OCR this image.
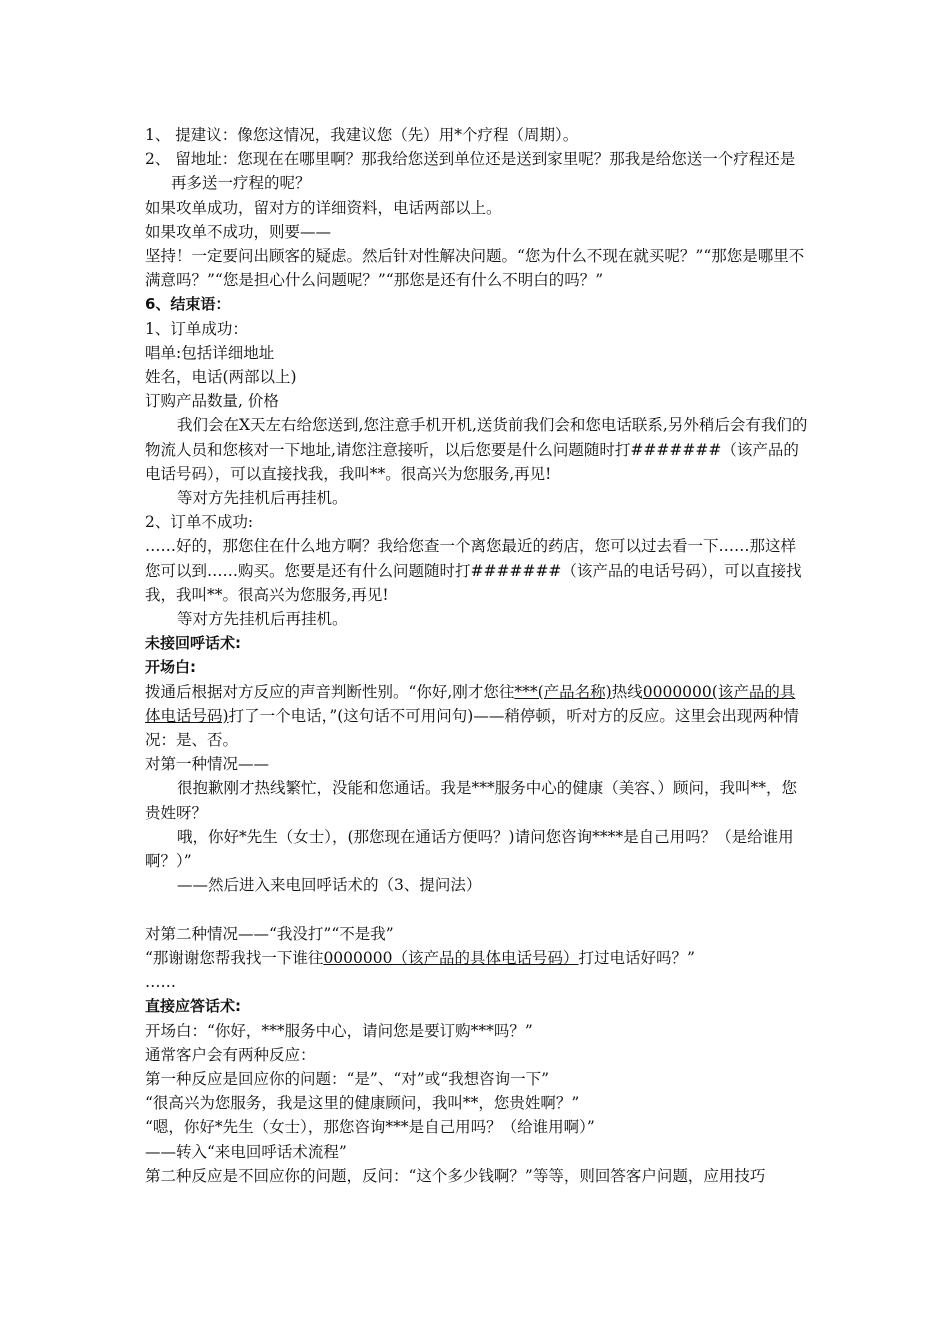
1、 提建议：像您这情况，我建议您（先）用*个疗程（周期）。

2、 留地址：您现在在哪里啊？那我给您送到单位还是送到家里呢？那我是给您送一个疗程还是再多送一疗程的呢？

如果攻单成功，留对方的详细资料，电话两部以上。

如果攻单不成功，则要——

坚持！一定要问出顾客的疑虑。然后针对性解决问题。“您为什么不现在就买呢？”“那您是哪里不满意吗？”“您是担心什么问题呢？”“那您是还有什么不明白的吗？”

6、结束语：

1、订单成功：

唱单:包括详细地址

姓名，电话(两部以上)

订购产品数量, 价格

我们会在X天左右给您送到,您注意手机开机,送货前我们会和您电话联系,另外稍后会有我们的物流人员和您核对一下地址,请您注意接听，以后您要是什么问题随时打#######（该产品的电话号码），可以直接找我，我叫**。很高兴为您服务,再见!

等对方先挂机后再挂机。

2、订单不成功:

……好的，那您住在什么地方啊？我给您查一个离您最近的药店，您可以过去看一下……那这样您可以到……购买。您要是还有什么问题随时打#######（该产品的电话号码），可以直接找我，我叫**。很高兴为您服务,再见!

等对方先挂机后再挂机。

未接回呼话术:

开场白:

拨通后根据对方反应的声音判断性别。“你好,刚才您往***(产品名称)热线0000000(该产品的具体电话号码)打了一个电话，”(这句话不可用问句)——稍停顿，听对方的反应。这里会出现两种情况：是、否。

对第一种情况——

很抱歉刚才热线繁忙，没能和您通话。我是***服务中心的健康（美容、）顾问，我叫**，您贵姓呀？

哦，你好*先生（女士），(那您现在通话方便吗？)请问您咨询****是自己用吗？（是给谁用啊？）”

——然后进入来电回呼话术的（3、提问法）

对第二种情况——“我没打”“不是我”

“那谢谢您帮我找一下谁往0000000（该产品的具体电话号码）打过电话好吗？”

……

直接应答话术:

开场白：“你好，***服务中心，请问您是要订购***吗？”

通常客户会有两种反应：

第一种反应是回应你的问题：“是”、“对”或“我想咨询一下”

“很高兴为您服务，我是这里的健康顾问，我叫**，您贵姓啊？”

“嗯，你好*先生（女士），那您咨询***是自己用吗？（给谁用啊）”

——转入“来电回呼话术流程”

第二种反应是不回应你的问题，反问：“这个多少钱啊？”等等，则回答客户问题，应用技巧
